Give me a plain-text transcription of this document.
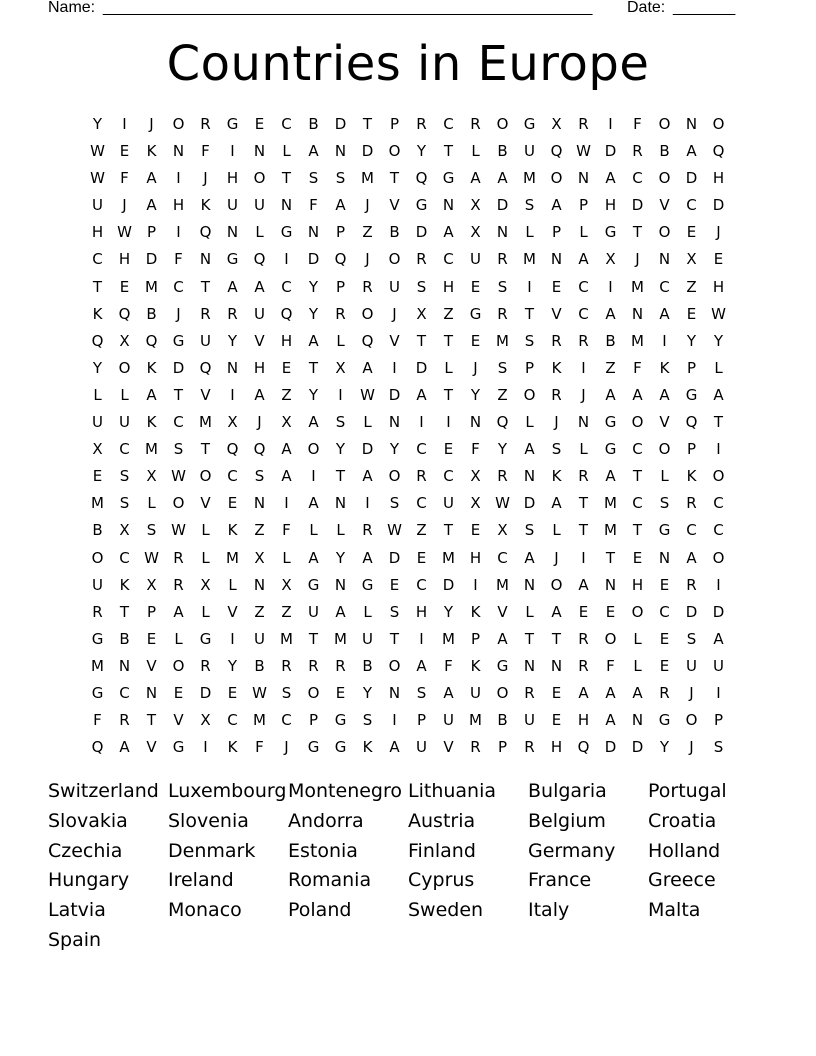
Name: _______________________________________________________ Date: _______
Countries in Europe
Y	I	J	O	R	G	E	C	B	D	T	P	R	C	R	O	G	X	R	I	F	O	N	O
W E	K	N	F	I	N	L	A	N	D	O	Y	T	L	B	U	Q W D	R	B	A	Q
W	F	A	I	J	H	O	T	S	S	M	T	Q	G	A	A	M O	N	A	C	O	D	H
U	J	A	H	K	U	U	N	F	A	J	V	G	N	X	D	S	A	P	H	D	V	C	D
H W	P	I	Q	N	L	G	N	P	Z	B	D	A	X	N	L	P	L	G	T	O	E	J
C	H	D	F	N	G	Q	I	D	Q	J	O	R	C	U	R	M N	A	X	J	N	X	E
T	E	M	C	T	A	A	C	Y	P	R	U	S	H	E	S	I	E	C	I	M	C	Z	H
K	Q	B	J	R	R	U	Q	Y	R	O	J	X	Z	G	R	T	V	C	A	N	A	E W
Q	X	Q	G	U	Y	V	H	A	L	Q	V	T	T	E	M	S	R	R	B	M	I	Y	Y
Y	O	K	D	Q	N	H	E	T	X	A	I	D	L	J	S	P	K	I	Z	F	K	P	L
L	L	A	T	V	I	A	Z	Y	I	W D	A	T	Y	Z	O	R	J	A	A	A	G	A
U	U	K	C	M	X	J	X	A	S	L	N	I	I	N	Q	L	J	N	G	O	V	Q	T
X	C	M	S	T	Q	Q	A	O	Y	D	Y	C	E	F	Y	A	S	L	G	C	O	P	I
E	S	X W O	C	S	A	I	T	A	O	R	C	X	R	N	K	R	A	T	L	K	O
M	S	L	O	V	E	N	I	A	N	I	S	C	U	X W D	A	T	M	C	S	R	C
B	X	S W	L	K	Z	F	L	L	R W Z	T	E	X	S	L	T	M	T	G	C	C
O	C W R	L	M	X	L	A	Y	A	D	E	M H	C	A	J	I	T	E	N	A	O
U	K	X	R	X	L	N	X	G	N	G	E	C	D	I	M N	O	A	N	H	E	R	I
R	T	P	A	L	V	Z	Z	U	A	L	S	H	Y	K	V	L	A	E	E	O	C	D	D
G	B	E	L	G	I	U	M	T	M	U	T	I	M	P	A	T	T	R	O	L	E	S	A
M N	V	O	R	Y	B	R	R	R	B	O	A	F	K	G	N	N	R	F	L	E	U	U
G	C	N	E	D	E W S	O	E	Y	N	S	A	U	O	R	E	A	A	A	R	J	I
F	R	T	V	X	C	M	C	P	G	S	I	P	U	M	B	U	E	H	A	N	G	O	P
Q	A	V	G	I	K	F	J	G	G	K	A	U	V	R	P	R	H	Q	D	D	Y	J	S
Switzerland Luxembourg Montenegro Lithuania	Bulgaria	Portugal
Slovakia	Slovenia	Andorra	Austria	Belgium	Croatia
Czechia	Denmark	Estonia	Finland	Germany	Holland
Hungary	Ireland	Romania	Cyprus	France	Greece
Latvia	Monaco	Poland	Sweden	Italy	Malta
Spain
